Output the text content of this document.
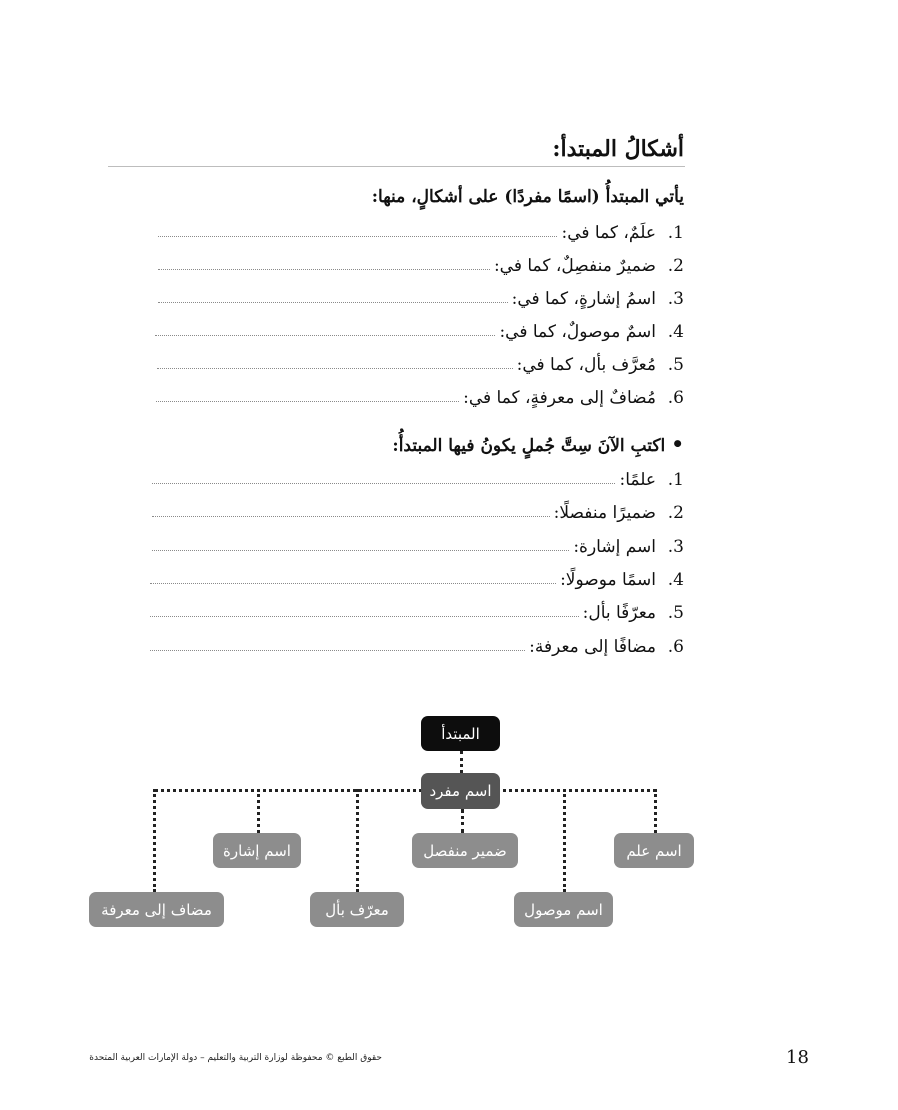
أشكالُ المبتدأ:
يأتي المبتدأُ (اسمًا مفردًا) على أشكالٍ، منها:
.1
علَمٌ، كما في:
.2
ضميرٌ منفصِلٌ، كما في:
.3
اسمُ إشارةٍ، كما في:
.4
اسمٌ موصولٌ، كما في:
.5
مُعرَّف بأل، كما في:
.6
مُضافٌ إلى معرفةٍ، كما في:
•اكتبِ الآنَ سِتَّ جُملٍ يكونُ فيها المبتدأُ:
.1
علمًا:
.2
ضميرًا منفصلًا:
.3
اسم إشارة:
.4
اسمًا موصولًا:
.5
معرّفًا بأل:
.6
مضافًا إلى معرفة:
المبتدأ
اسم مفرد
اسم علم
ضمير منفصل
اسم إشارة
اسم موصول
معرّف بأل
مضاف إلى معرفة
حقوق الطبع © محفوظة لوزارة التربية والتعليم – دولة الإمارات العربية المتحدة	18
